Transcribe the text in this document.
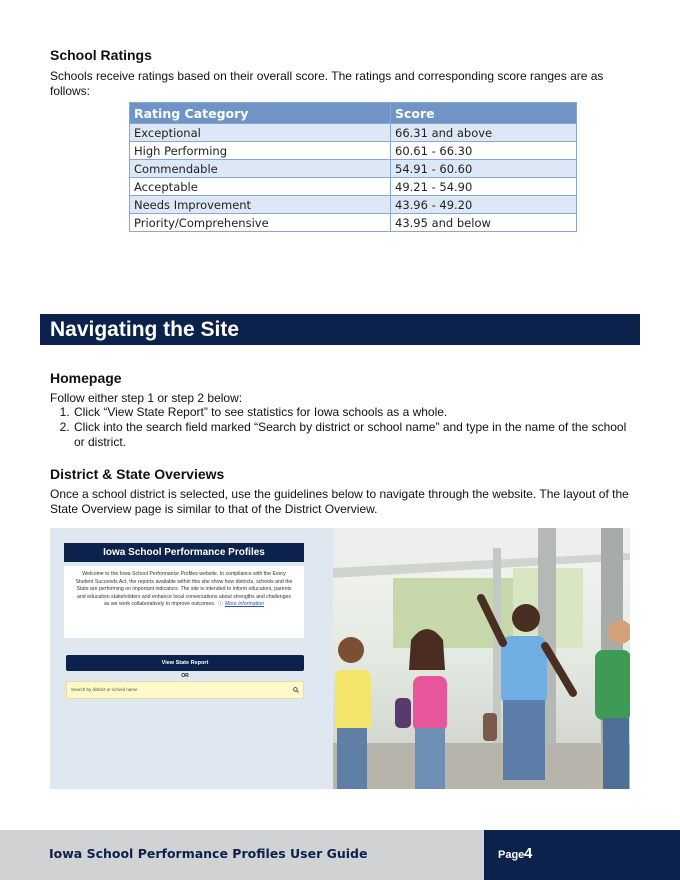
School Ratings

Schools receive ratings based on their overall score. The ratings and corresponding score ranges are as follows:

Rating Category	Score
Exceptional	66.31 and above
High Performing	60.61 - 66.30
Commendable	54.91 - 60.60
Acceptable	49.21 - 54.90
Needs Improvement	43.96 - 49.20
Priority/Comprehensive	43.95 and below
Navigating the Site
Homepage

Follow either step 1 or step 2 below:

1. Click “View State Report” to see statistics for Iowa schools as a whole.
2. Click into the search field marked “Search by district or school name” and type in the name of the school or district.
District & State Overviews

Once a school district is selected, use the guidelines below to navigate through the website. The layout of the State Overview page is similar to that of the District Overview.

Iowa School Performance Profiles
Welcome to the Iowa School Performance Profiles website. In compliance with the Every Student Succeeds Act, the reports available within this site show how districts, schools and the State are performing on important indicators. The site is intended to inform educators, parents and education stakeholders and enhance local conversations about strengths and challenges as we work collaboratively to improve outcomes.  ⓘ More Information
View State Report
OR
Search by district or school name
Iowa School Performance Profiles User Guide	Page 4
